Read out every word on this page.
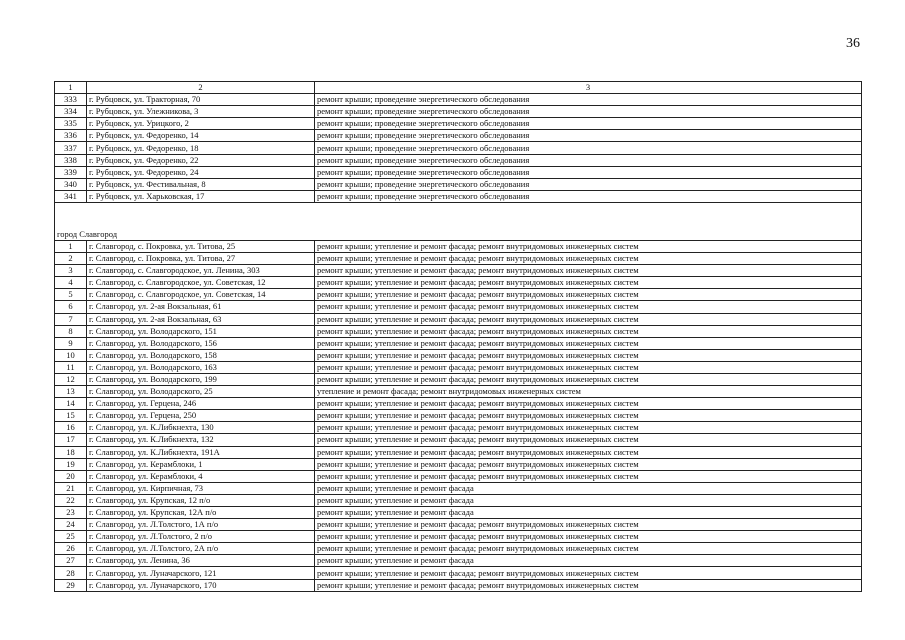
36
1	2	3
333	г. Рубцовск, ул. Тракторная, 70	ремонт крыши; проведение энергетического обследования
334	г. Рубцовск, ул. Улежникова, 3	ремонт крыши; проведение энергетического обследования
335	г. Рубцовск, ул. Урицкого, 2	ремонт крыши; проведение энергетического обследования
336	г. Рубцовск, ул. Федоренко, 14	ремонт крыши; проведение энергетического обследования
337	г. Рубцовск, ул. Федоренко, 18	ремонт крыши; проведение энергетического обследования
338	г. Рубцовск, ул. Федоренко, 22	ремонт крыши; проведение энергетического обследования
339	г. Рубцовск, ул. Федоренко, 24	ремонт крыши; проведение энергетического обследования
340	г. Рубцовск, ул. Фестивальная, 8	ремонт крыши; проведение энергетического обследования
341	г. Рубцовск, ул. Харьковская, 17	ремонт крыши; проведение энергетического обследования

город Славгород		
1	г. Славгород, с. Покровка, ул. Титова, 25	ремонт крыши; утепление и ремонт фасада; ремонт внутридомовых инженерных систем
2	г. Славгород, с. Покровка, ул. Титова, 27	ремонт крыши; утепление и ремонт фасада; ремонт внутридомовых инженерных систем
3	г. Славгород, с. Славгородское, ул. Ленина, 303	ремонт крыши; утепление и ремонт фасада; ремонт внутридомовых инженерных систем
4	г. Славгород, с. Славгородское, ул. Советская, 12	ремонт крыши; утепление и ремонт фасада; ремонт внутридомовых инженерных систем
5	г. Славгород, с. Славгородское, ул. Советская, 14	ремонт крыши; утепление и ремонт фасада; ремонт внутридомовых инженерных систем
6	г. Славгород, ул. 2-ая Вокзальная, 61	ремонт крыши; утепление и ремонт фасада; ремонт внутридомовых инженерных систем
7	г. Славгород, ул. 2-ая Вокзальная, 63	ремонт крыши; утепление и ремонт фасада; ремонт внутридомовых инженерных систем
8	г. Славгород, ул. Володарского, 151	ремонт крыши; утепление и ремонт фасада; ремонт внутридомовых инженерных систем
9	г. Славгород, ул. Володарского, 156	ремонт крыши; утепление и ремонт фасада; ремонт внутридомовых инженерных систем
10	г. Славгород, ул. Володарского, 158	ремонт крыши; утепление и ремонт фасада; ремонт внутридомовых инженерных систем
11	г. Славгород, ул. Володарского, 163	ремонт крыши; утепление и ремонт фасада; ремонт внутридомовых инженерных систем
12	г. Славгород, ул. Володарского, 199	ремонт крыши; утепление и ремонт фасада; ремонт внутридомовых инженерных систем
13	г. Славгород, ул. Володарского, 25	утепление и ремонт фасада; ремонт внутридомовых инженерных систем
14	г. Славгород, ул. Герцена, 246	ремонт крыши; утепление и ремонт фасада; ремонт внутридомовых инженерных систем
15	г. Славгород, ул. Герцена, 250	ремонт крыши; утепление и ремонт фасада; ремонт внутридомовых инженерных систем
16	г. Славгород, ул. К.Либкнехта, 130	ремонт крыши; утепление и ремонт фасада; ремонт внутридомовых инженерных систем
17	г. Славгород, ул. К.Либкнехта, 132	ремонт крыши; утепление и ремонт фасада; ремонт внутридомовых инженерных систем
18	г. Славгород, ул. К.Либкнехта, 191А	ремонт крыши; утепление и ремонт фасада; ремонт внутридомовых инженерных систем
19	г. Славгород, ул. Керамблоки, 1	ремонт крыши; утепление и ремонт фасада; ремонт внутридомовых инженерных систем
20	г. Славгород, ул. Керамблоки, 4	ремонт крыши; утепление и ремонт фасада; ремонт внутридомовых инженерных систем
21	г. Славгород, ул. Кирпичная, 73	ремонт крыши; утепление и ремонт фасада
22	г. Славгород, ул. Крупская, 12 п/о	ремонт крыши; утепление и ремонт фасада
23	г. Славгород, ул. Крупская, 12А п/о	ремонт крыши; утепление и ремонт фасада
24	г. Славгород, ул. Л.Толстого, 1А п/о	ремонт крыши; утепление и ремонт фасада; ремонт внутридомовых инженерных систем
25	г. Славгород, ул. Л.Толстого, 2 п/о	ремонт крыши; утепление и ремонт фасада; ремонт внутридомовых инженерных систем
26	г. Славгород, ул. Л.Толстого, 2А п/о	ремонт крыши; утепление и ремонт фасада; ремонт внутридомовых инженерных систем
27	г. Славгород, ул. Ленина, 36	ремонт крыши; утепление и ремонт фасада
28	г. Славгород, ул. Луначарского, 121	ремонт крыши; утепление и ремонт фасада; ремонт внутридомовых инженерных систем
29	г. Славгород, ул. Луначарского, 170	ремонт крыши; утепление и ремонт фасада; ремонт внутридомовых инженерных систем
